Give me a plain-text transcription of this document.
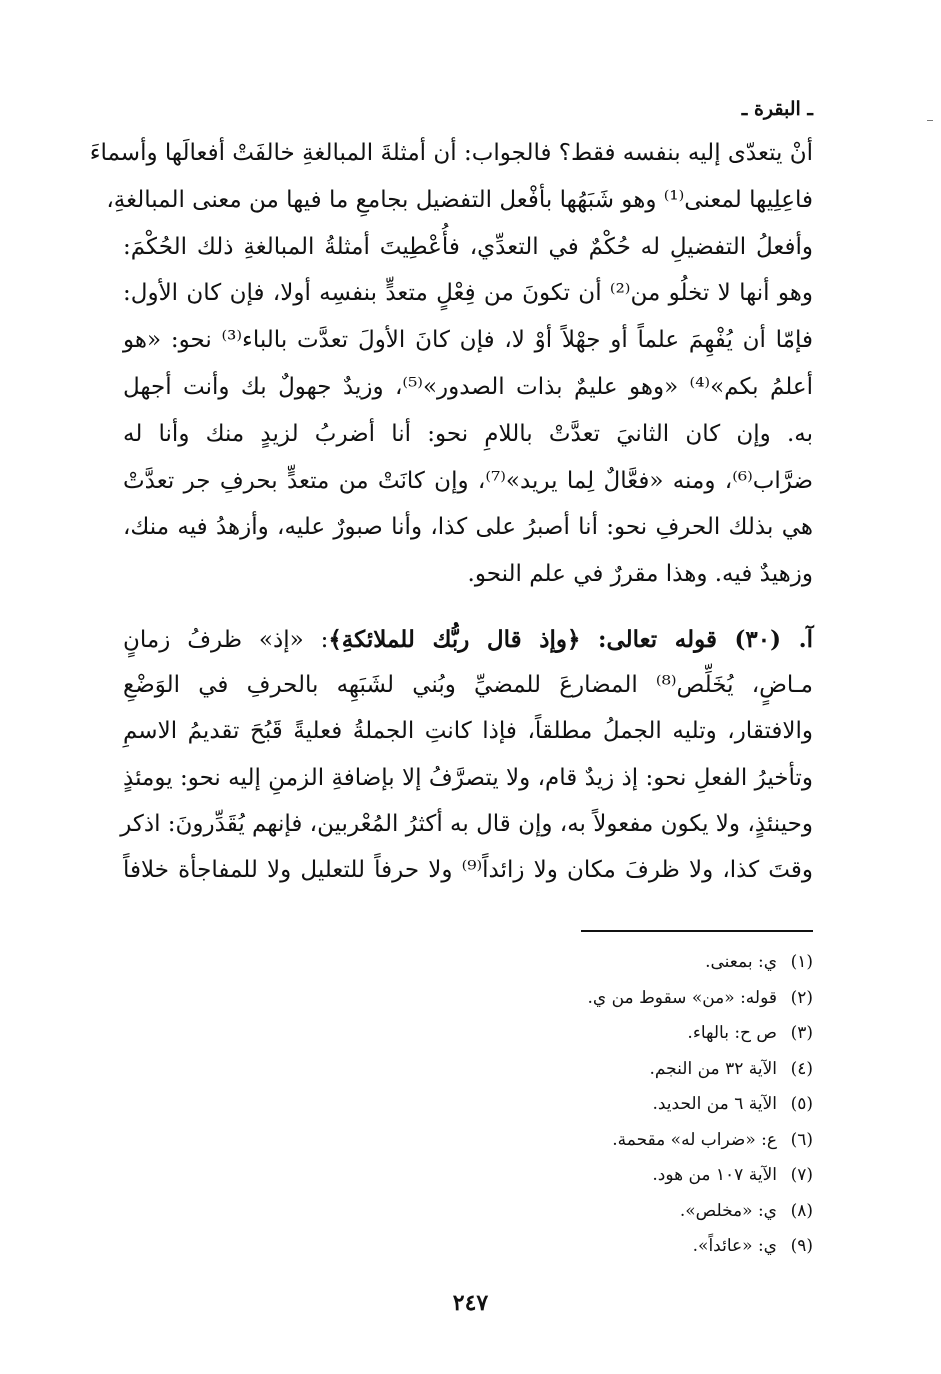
ـ البقرة ـ
أنْ يتعدّى إليه بنفسه فقط؟ فالجواب: أن أمثلةَ المبالغةِ خالفَتْ أفعالَها وأسماءَ
فاعِلِيها لمعنى⁽¹⁾ وهو شَبَهُها بأفْعل التفضيل بجامعِ ما فيها من معنى المبالغةِ،
وأفعلُ التفضيلِ له حُكْمٌ في التعدِّي، فأُعْطِيتَ أمثلةُ المبالغةِ ذلك الحُكْمَ:
وهو أنها لا تخلُو من⁽²⁾ أن تكونَ من فِعْلٍ متعدٍّ بنفسِه أولا، فإن كان الأول:
فإمّا أن يُفْهِمَ علماً أو جهْلاً أوْ لا، فإن كانَ الأولَ تعدَّت بالباء⁽³⁾ نحو: «هو
أعلمُ بكم»⁽⁴⁾ «وهو عليمٌ بذات الصدور»⁽⁵⁾، وزيدٌ جهولٌ بك وأنت أجهل
به. وإن كان الثانيَ تعدَّتْ باللامِ نحو: أنا أضربُ لزيدٍ منك وأنا له
ضرَّاب⁽⁶⁾، ومنه «فعَّالٌ لِما يريد»⁽⁷⁾، وإن كانَتْ من متعدٍّ بحرفِ جر تعدَّتْ
هي بذلك الحرفِ نحو: أنا أصبرُ على كذا، وأنا صبورٌ عليه، وأزهدُ فيه منك،
وزهيدٌ فيه. وهذا مقررٌ في علم النحو.
آ. (٣٠) قوله تعالى: ﴿وإذ قال ربُّك للملائكةِ﴾: «إذ» ظرفُ زمانٍ
مـاضٍ، يُخَلِّص⁽⁸⁾ المضارعَ للمضيِّ وبُني لشَبَهِه بالحرفِ في الوَضْعِ
والافتقار، وتليه الجملُ مطلقاً، فإذا كانتِ الجملةُ فعليةً قَبُحَ تقديمُ الاسمِ
وتأخيرُ الفعلِ نحو: إذ زيدٌ قام، ولا يتصرَّفُ إلا بإضافةِ الزمنِ إليه نحو: يومئذٍ
وحينئذٍ، ولا يكون مفعولاً به، وإن قال به أكثرُ المُعْربين، فإنهم يُقَدِّرونَ: اذكر
وقتَ كذا، ولا ظرفَ مكان ولا زائداً⁽⁹⁾ ولا حرفاً للتعليل ولا للمفاجأة خلافاً
(١)ي: بمعنى.
(٢)قوله: «من» سقوط من ي.
(٣)ص ح: بالهاء.
(٤)الآية ٣٢ من النجم.
(٥)الآية ٦ من الحديد.
(٦)ع: «ضراب له» مقحمة.
(٧)الآية ١٠٧ من هود.
(٨)ي: «مخلص».
(٩)ي: «عائداً».
٢٤٧
